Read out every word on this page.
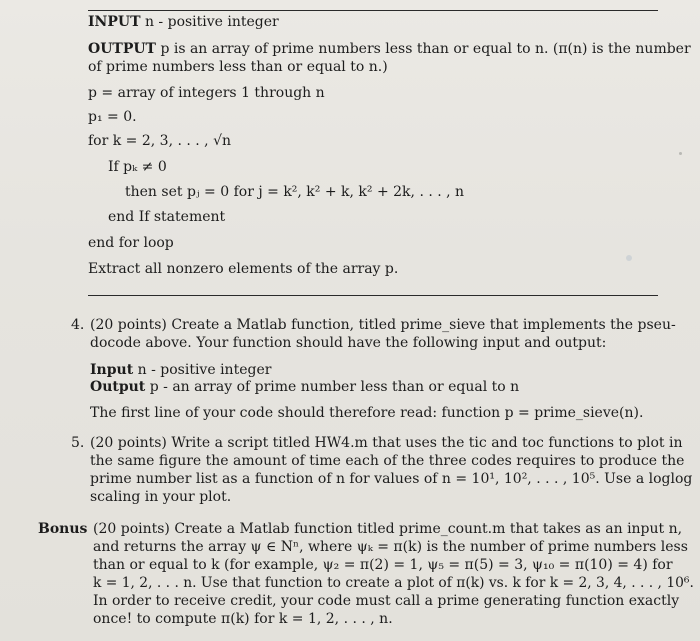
INPUT n - positive integer
OUTPUT p is an array of prime numbers less than or equal to n. (π(n) is the number
of prime numbers less than or equal to n.)
p = array of integers 1 through n
p₁ = 0.
for k = 2, 3, . . . , √n
If pₖ ≠ 0
then set pⱼ = 0 for j = k², k² + k, k² + 2k, . . . , n
end If statement
end for loop
Extract all nonzero elements of the array p.
4. (20 points) Create a Matlab function, titled prime_sieve that implements the pseu-
docode above. Your function should have the following input and output:
Input n - positive integer
Output p - an array of prime number less than or equal to n
The first line of your code should therefore read: function p = prime_sieve(n).
5. (20 points) Write a script titled HW4.m that uses the tic and toc functions to plot in
the same figure the amount of time each of the three codes requires to produce the
prime number list as a function of n for values of n = 10¹, 10², . . . , 10⁵. Use a loglog
scaling in your plot.
Bonus (20 points) Create a Matlab function titled prime_count.m that takes as an input n,
and returns the array ψ ∈ Nⁿ, where ψₖ = π(k) is the number of prime numbers less
than or equal to k (for example, ψ₂ = π(2) = 1, ψ₅ = π(5) = 3, ψ₁₀ = π(10) = 4) for
k = 1, 2, . . . n. Use that function to create a plot of π(k) vs. k for k = 2, 3, 4, . . . , 10⁶.
In order to receive credit, your code must call a prime generating function exactly
once! to compute π(k) for k = 1, 2, . . . , n.
